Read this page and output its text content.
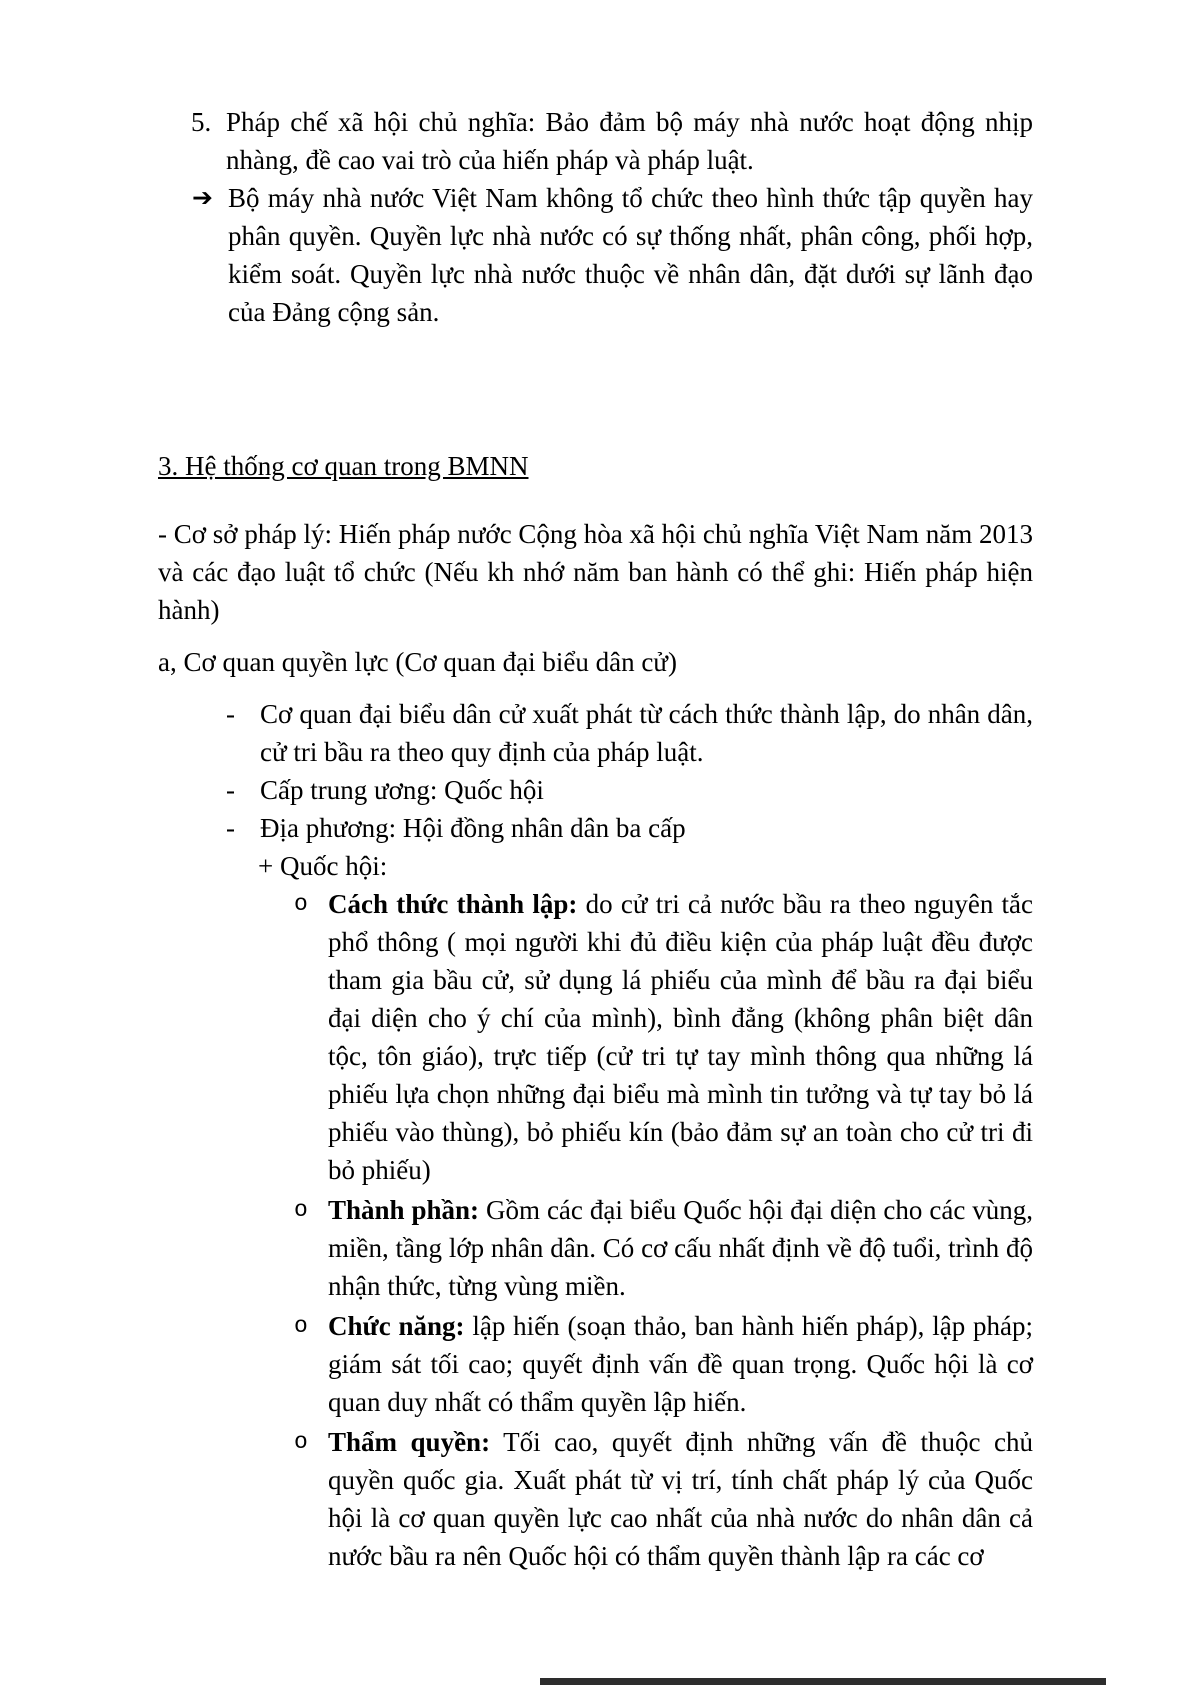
5. Pháp chế xã hội chủ nghĩa: Bảo đảm bộ máy nhà nước hoạt động nhịp nhàng, đề cao vai trò của hiến pháp và pháp luật.
➔ Bộ máy nhà nước Việt Nam không tổ chức theo hình thức tập quyền hay phân quyền. Quyền lực nhà nước có sự thống nhất, phân công, phối hợp, kiểm soát. Quyền lực nhà nước thuộc về nhân dân, đặt dưới sự lãnh đạo của Đảng cộng sản.
3. Hệ thống cơ quan trong BMNN
- Cơ sở pháp lý: Hiến pháp nước Cộng hòa xã hội chủ nghĩa Việt Nam năm 2013 và các đạo luật tổ chức (Nếu kh nhớ năm ban hành có thể ghi: Hiến pháp hiện hành)
a, Cơ quan quyền lực (Cơ quan đại biểu dân cử)
- Cơ quan đại biểu dân cử xuất phát từ cách thức thành lập, do nhân dân, cử tri bầu ra theo quy định của pháp luật.
- Cấp trung ương: Quốc hội
- Địa phương: Hội đồng nhân dân ba cấp
+ Quốc hội:
o Cách thức thành lập: do cử tri cả nước bầu ra theo nguyên tắc phổ thông ( mọi người khi đủ điều kiện của pháp luật đều được tham gia bầu cử, sử dụng lá phiếu của mình để bầu ra đại biểu đại diện cho ý chí của mình), bình đẳng (không phân biệt dân tộc, tôn giáo), trực tiếp (cử tri tự tay mình thông qua những lá phiếu lựa chọn những đại biểu mà mình tin tưởng và tự tay bỏ lá phiếu vào thùng), bỏ phiếu kín (bảo đảm sự an toàn cho cử tri đi bỏ phiếu)
o Thành phần: Gồm các đại biểu Quốc hội đại diện cho các vùng, miền, tầng lớp nhân dân. Có cơ cấu nhất định về độ tuổi, trình độ nhận thức, từng vùng miền.
o Chức năng: lập hiến (soạn thảo, ban hành hiến pháp), lập pháp; giám sát tối cao; quyết định vấn đề quan trọng. Quốc hội là cơ quan duy nhất có thẩm quyền lập hiến.
o Thẩm quyền: Tối cao, quyết định những vấn đề thuộc chủ quyền quốc gia. Xuất phát từ vị trí, tính chất pháp lý của Quốc hội là cơ quan quyền lực cao nhất của nhà nước do nhân dân cả nước bầu ra nên Quốc hội có thẩm quyền thành lập ra các cơ
